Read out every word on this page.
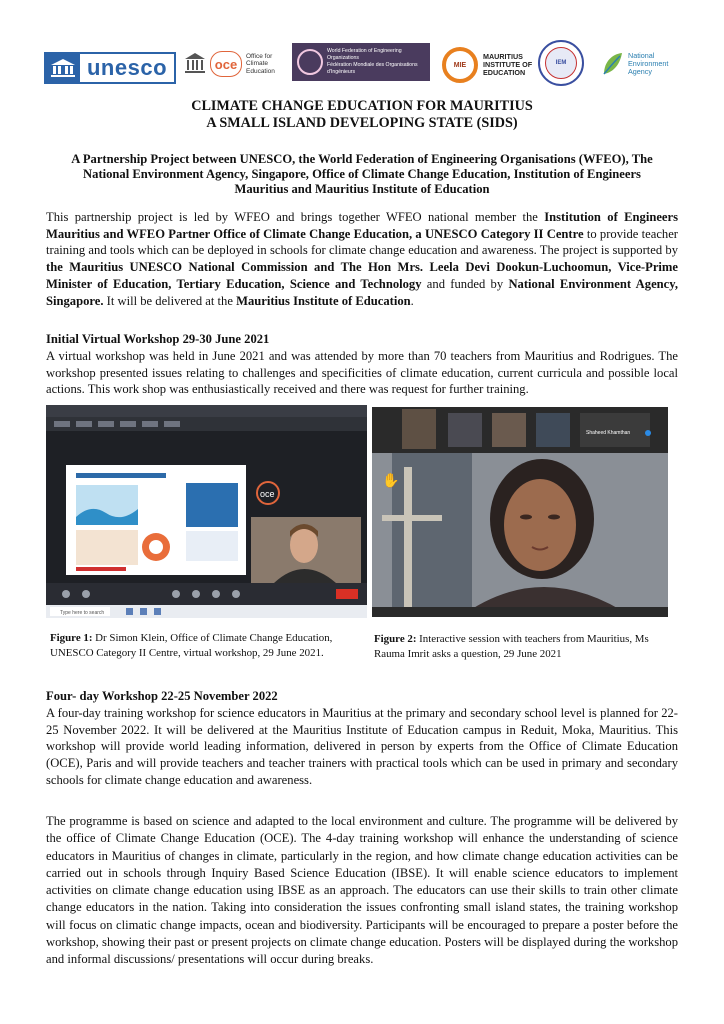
unesco	oce
Office for
Climate
Education
World Federation of Engineering Organizations
Fédération Mondiale des Organisations d'Ingénieurs
MIE
MAURITIUS
INSTITUTE OF
EDUCATION
IEM
National
Environment
Agency
CLIMATE CHANGE EDUCATION FOR MAURITIUS
A SMALL ISLAND DEVELOPING STATE (SIDS)
A Partnership Project between UNESCO, the World Federation of Engineering Organisations (WFEO), The
National Environment Agency, Singapore, Office of Climate Change Education, Institution of Engineers
Mauritius and Mauritius Institute of Education

This partnership project is led by WFEO and brings together WFEO national member the Institution of Engineers Mauritius and WFEO Partner Office of Climate Change Education, a UNESCO Category II Centre to provide teacher training and tools which can be deployed in schools for climate change education and awareness. The project is supported by the Mauritius UNESCO National Commission and The Hon Mrs. Leela Devi Dookun-Luchoomun, Vice-Prime Minister of Education, Tertiary Education, Science and Technology and funded by National Environment Agency, Singapore. It will be delivered at the Mauritius Institute of Education.

Initial Virtual Workshop 29-30 June 2021

A virtual workshop was held in June 2021 and was attended by more than 70 teachers from Mauritius and Rodrigues. The workshop presented issues relating to challenges and specificities of climate education, current curricula and possible local actions. This work shop was enthusiastically received and there was request for further training.

oce
Type here to search
Shaheed Khamthan
✋

Figure 1: Dr Simon Klein, Office of Climate Change Education, UNESCO Category II Centre, virtual workshop, 29 June 2021.

Figure 2: Interactive session with teachers from Mauritius, Ms Rauma Imrit asks a question, 29 June 2021

Four- day Workshop 22-25 November 2022

A four-day training workshop for science educators in Mauritius at the primary and secondary school level is planned for 22-25 November 2022. It will be delivered at the Mauritius Institute of Education campus in Reduit, Moka, Mauritius. This workshop will provide world leading information, delivered in person by experts from the Office of Climate Education (OCE), Paris and will provide teachers and teacher trainers with practical tools which can be used in primary and secondary schools for climate change education and awareness.

The programme is based on science and adapted to the local environment and culture. The programme will be delivered by the office of Climate Change Education (OCE). The 4-day training workshop will enhance the understanding of science educators in Mauritius of changes in climate, particularly in the region, and how climate change education activities can be carried out in schools through Inquiry Based Science Education (IBSE). It will enable science educators to implement activities on climate change education using IBSE as an approach. The educators can use their skills to train other climate change educators in the nation. Taking into consideration the issues confronting small island states, the training workshop will focus on climatic change impacts, ocean and biodiversity. Participants will be encouraged to prepare a poster before the workshop, showing their past or present projects on climate change education. Posters will be displayed during the workshop and informal discussions/ presentations will occur during breaks.
